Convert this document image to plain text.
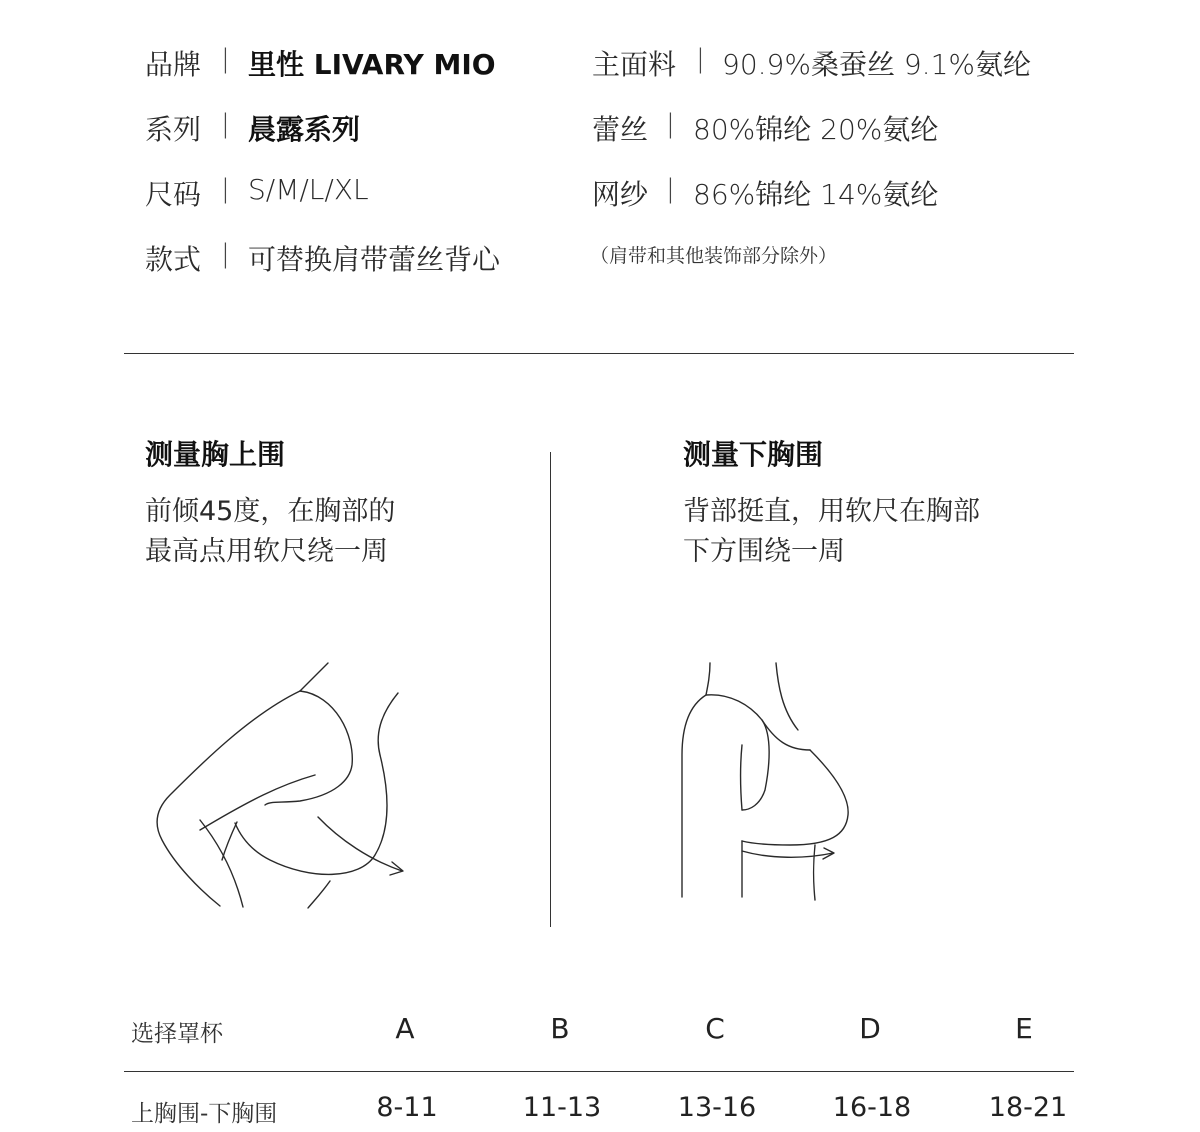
品牌 | 里性 LIVARY MIO
系列 | 晨露系列
尺码 | S/M/L/XL
款式 | 可替换肩带蕾丝背心
主面料 | 90.9%桑蚕丝 9.1%氨纶
蕾丝 | 80%锦纶 20%氨纶
网纱 | 86%锦纶 14%氨纶
（肩带和其他装饰部分除外）
测量胸上围
前倾45度，在胸部的
最高点用软尺绕一周
测量下胸围
背部挺直，用软尺在胸部
下方围绕一周
选择罩杯	A	B	C	D	E
上胸围-下胸围	8-11	11-13	13-16	16-18	18-21
